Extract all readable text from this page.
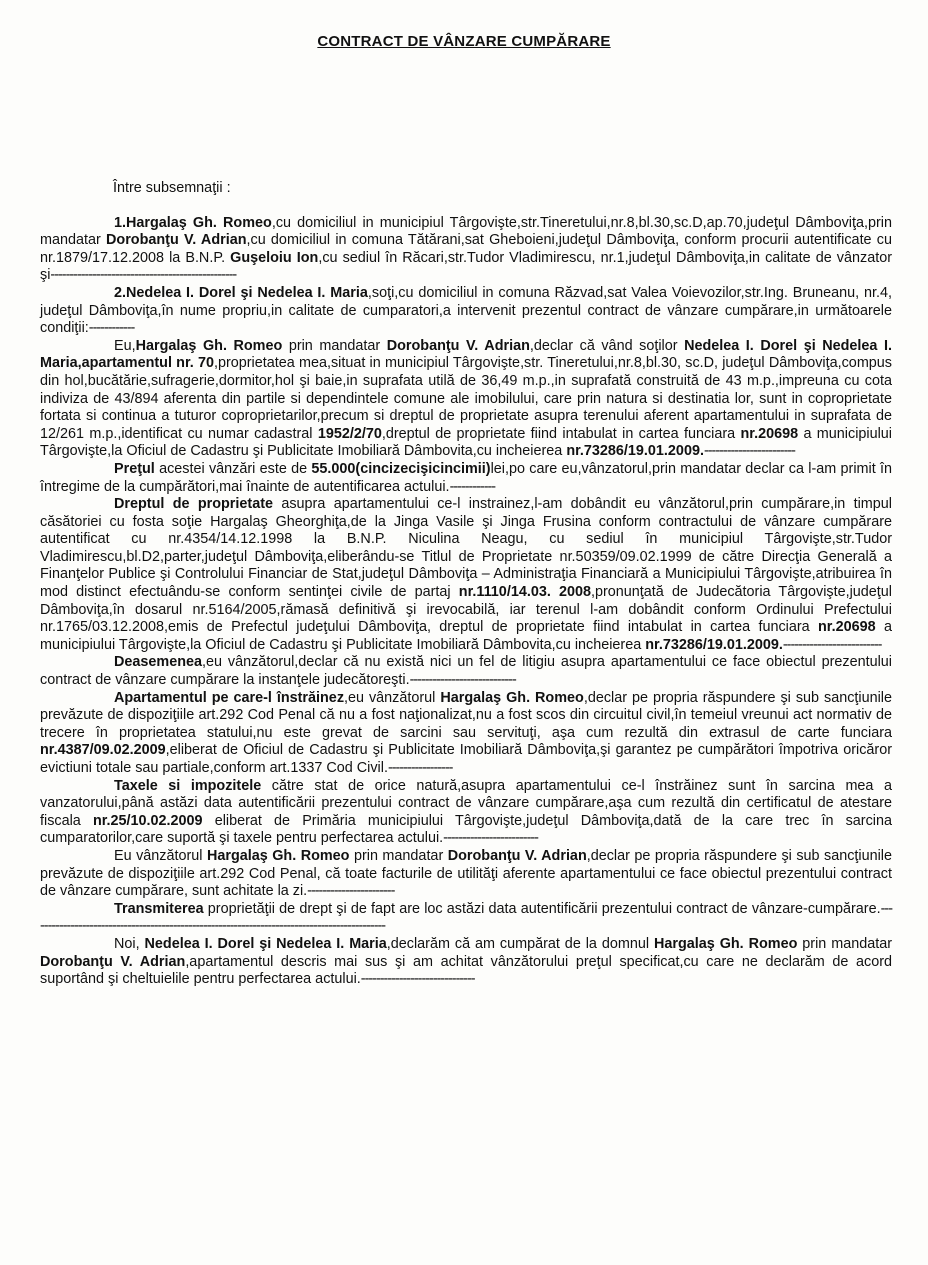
CONTRACT DE VÂNZARE CUMPĂRARE

Între subsemnaţii :

1.Hargalaş Gh. Romeo,cu domiciliul in municipiul Târgovişte,str.Tineretului,nr.8,bl.30,sc.D,ap.70,judeţul Dâmboviţa,prin mandatar Dorobanţu V. Adrian,cu domiciliul in comuna Tătărani,sat Gheboieni,judeţul Dâmboviţa, conform procurii autentificate cu nr.1879/17.12.2008 la B.N.P. Guşeloiu Ion,cu sediul în Răcari,str.Tudor Vladimirescu, nr.1,judeţul Dâmboviţa,in calitate de vânzator şi-------------------------------------------------

2.Nedelea I. Dorel şi Nedelea I. Maria,soţi,cu domiciliul in comuna Răzvad,sat Valea Voievozilor,str.Ing. Bruneanu, nr.4, judeţul Dâmboviţa,în nume propriu,in calitate de cumparatori,a intervenit prezentul contract de vânzare cumpărare,in următoarele condiţii:------------

Eu,Hargalaş Gh. Romeo prin mandatar Dorobanţu V. Adrian,declar că vând soţilor Nedelea I. Dorel şi Nedelea I. Maria,apartamentul nr. 70,proprietatea mea,situat in municipiul Târgovişte,str. Tineretului,nr.8,bl.30, sc.D, judeţul Dâmboviţa,compus din hol,bucătărie,sufragerie,dormitor,hol şi baie,in suprafata utilă de 36,49 m.p.,in suprafată construită de 43 m.p.,impreuna cu cota indiviza de 43/894 aferenta din partile si dependintele comune ale imobilului, care prin natura si destinatia lor, sunt in coproprietate fortata si continua a tuturor coproprietarilor,precum si dreptul de proprietate asupra terenului aferent apartamentului in suprafata de 12/261 m.p.,identificat cu numar cadastral 1952/2/70,dreptul de proprietate fiind intabulat in cartea funciara nr.20698 a municipiului Târgovişte,la Oficiul de Cadastru şi Publicitate Imobiliară Dâmbovita,cu incheierea nr.73286/19.01.2009.------------------------

Preţul acestei vânzări este de 55.000(cincizecişicincimii)lei,po care eu,vânzatorul,prin mandatar declar ca l-am primit în întregime de la cumpărători,mai înainte de autentificarea actului.------------

Dreptul de proprietate asupra apartamentului ce-l instrainez,l-am dobândit eu vânzătorul,prin cumpărare,in timpul căsătoriei cu fosta soţie Hargalaş Gheorghiţa,de la Jinga Vasile şi Jinga Frusina conform contractului de vânzare cumpărare autentificat cu nr.4354/14.12.1998 la B.N.P. Niculina Neagu, cu sediul în municipiul Târgovişte,str.Tudor Vladimirescu,bl.D2,parter,judeţul Dâmboviţa,eliberându-se Titlul de Proprietate nr.50359/09.02.1999 de către Direcţia Generală a Finanţelor Publice şi Controlului Financiar de Stat,judeţul Dâmboviţa – Administraţia Financiară a Municipiului Târgovişte,atribuirea în mod distinct efectuându-se conform sentinţei civile de partaj nr.1110/14.03. 2008,pronunţată de Judecătoria Târgovişte,judeţul Dâmboviţa,în dosarul nr.5164/2005,rămasă definitivă şi irevocabilă, iar terenul l-am dobândit conform Ordinului Prefectului nr.1765/03.12.2008,emis de Prefectul judeţului Dâmboviţa, dreptul de proprietate fiind intabulat in cartea funciara nr.20698 a municipiului Târgovişte,la Oficiul de Cadastru şi Publicitate Imobiliară Dâmbovita,cu incheierea nr.73286/19.01.2009.--------------------------

Deasemenea,eu vânzătorul,declar că nu există nici un fel de litigiu asupra apartamentului ce face obiectul prezentului contract de vânzare cumpărare la instanţele judecătoreşti.----------------------------

Apartamentul pe care-l înstrăinez,eu vânzătorul Hargalaş Gh. Romeo,declar pe propria răspundere şi sub sancţiunile prevăzute de dispoziţiile art.292 Cod Penal că nu a fost naţionalizat,nu a fost scos din circuitul civil,în temeiul vreunui act normativ de trecere în proprietatea statului,nu este grevat de sarcini sau servituţi, aşa cum rezultă din extrasul de carte funciara nr.4387/09.02.2009,eliberat de Oficiul de Cadastru şi Publicitate Imobiliară Dâmboviţa,şi garantez pe cumpărători împotriva oricăror evictiuni totale sau partiale,conform art.1337 Cod Civil.-----------------

Taxele si impozitele către stat de orice natură,asupra apartamentului ce-l înstrăinez sunt în sarcina mea a vanzatorului,până astăzi data autentificării prezentului contract de vânzare cumpărare,aşa cum rezultă din certificatul de atestare fiscala nr.25/10.02.2009 eliberat de Primăria municipiului Târgovişte,judeţul Dâmboviţa,dată de la care trec în sarcina cumparatorilor,care suportă şi taxele pentru perfectarea actului.-------------------------

Eu vânzătorul Hargalaş Gh. Romeo prin mandatar Dorobanţu V. Adrian,declar pe propria răspundere şi sub sancţiunile prevăzute de dispoziţiile art.292 Cod Penal, că toate facturile de utilităţi aferente apartamentului ce face obiectul prezentului contract de vânzare cumpărare, sunt achitate la zi.-----------------------

Transmiterea proprietăţii de drept şi de fapt are loc astăzi data autentificării prezentului contract de vânzare-cumpărare.----------------------------------------------------------------------------------------------

Noi, Nedelea I. Dorel şi Nedelea I. Maria,declarăm că am cumpărat de la domnul Hargalaş Gh. Romeo prin mandatar Dorobanţu V. Adrian,apartamentul descris mai sus şi am achitat vânzătorului preţul specificat,cu care ne declarăm de acord suportând şi cheltuielile pentru perfectarea actului.------------------------------
